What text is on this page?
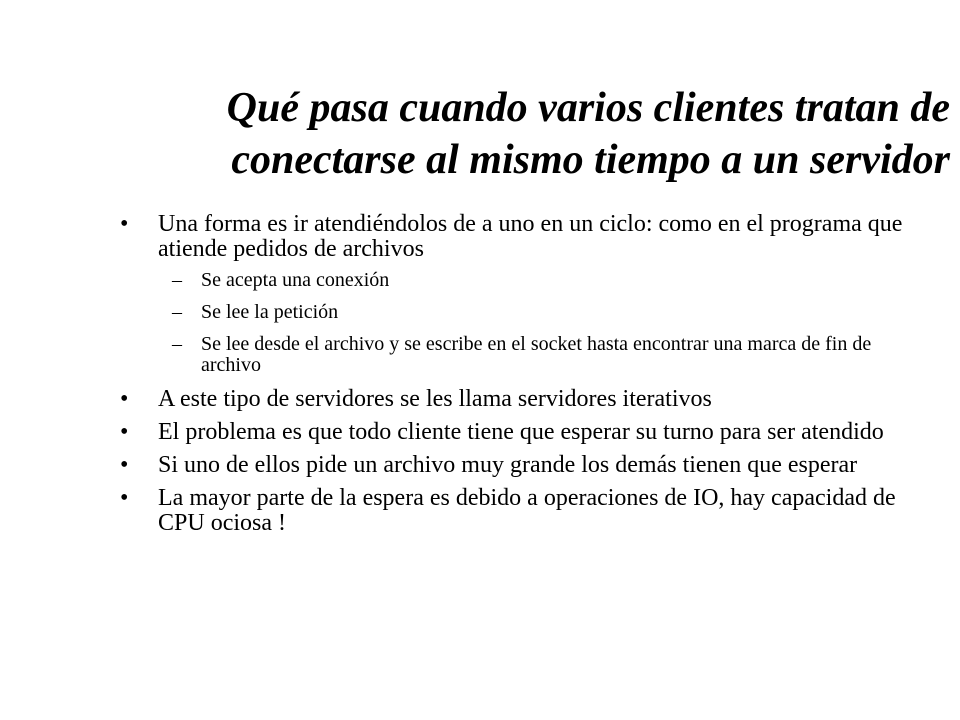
Qué pasa cuando varios clientes tratan de
conectarse al mismo tiempo a un servidor
• Una forma es ir atendiéndolos de a uno en un ciclo: como en el programa que atiende pedidos de archivos
– Se acepta una conexión
– Se lee la petición
– Se lee desde el archivo y se escribe en el socket hasta encontrar una marca de fin de archivo
• A este tipo de servidores se les llama servidores iterativos
• El problema es que todo cliente tiene que esperar su turno para ser atendido
• Si uno de ellos pide un archivo muy grande los demás tienen que esperar
• La mayor parte de la espera es debido a operaciones de IO, hay capacidad de CPU ociosa !
